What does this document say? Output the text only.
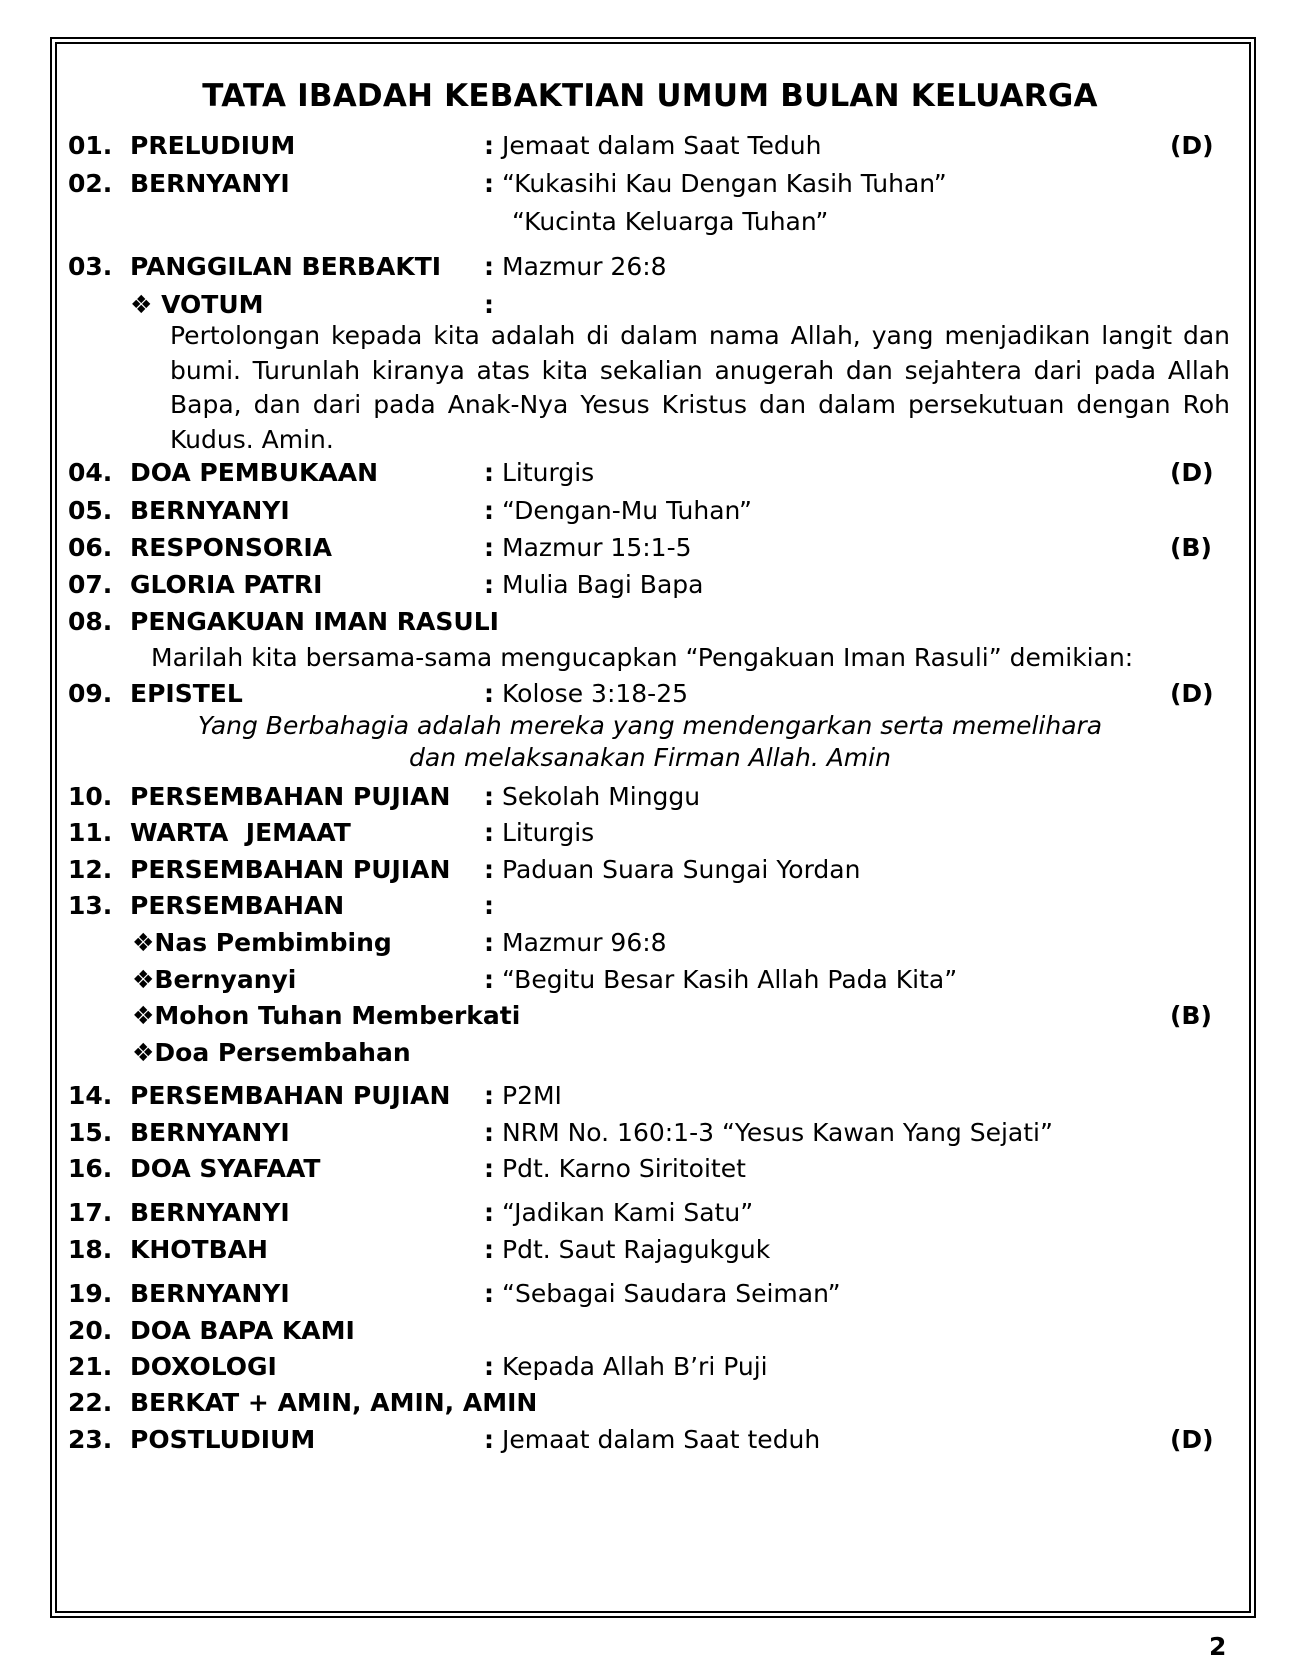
TATA IBADAH KEBAKTIAN UMUM BULAN KELUARGA
01. PRELUDIUM	: Jemaat dalam Saat Teduh	(D)
02. BERNYANYI	: “Kukasihi Kau Dengan Kasih Tuhan”
“Kucinta Keluarga Tuhan”
03. PANGGILAN BERBAKTI : Mazmur 26:8
❖ VOTUM	:
Pertolongan kepada kita adalah di dalam nama Allah, yang menjadikan langit dan bumi. Turunlah kiranya atas kita sekalian anugerah dan sejahtera dari pada Allah Bapa, dan dari pada Anak-Nya Yesus Kristus dan dalam persekutuan dengan Roh Kudus. Amin.
04. DOA PEMBUKAAN	: Liturgis	(D)
05. BERNYANYI	: “Dengan-Mu Tuhan”
06. RESPONSORIA	: Mazmur 15:1-5	(B)
07. GLORIA PATRI	: Mulia Bagi Bapa
08. PENGAKUAN IMAN RASULI
Marilah kita bersama-sama mengucapkan “Pengakuan Iman Rasuli” demikian:
09. EPISTEL	: Kolose 3:18-25	(D)
Yang Berbahagia adalah mereka yang mendengarkan serta memelihara
dan melaksanakan Firman Allah. Amin
10. PERSEMBAHAN PUJIAN : Sekolah Minggu
11. WARTA  JEMAAT	: Liturgis
12. PERSEMBAHAN PUJIAN : Paduan Suara Sungai Yordan
13. PERSEMBAHAN	:
❖Nas Pembimbing	: Mazmur 96:8
❖Bernyanyi	: “Begitu Besar Kasih Allah Pada Kita”
❖Mohon Tuhan Memberkati	(B)
❖Doa Persembahan
14. PERSEMBAHAN PUJIAN : P2MI
15. BERNYANYI	: NRM No. 160:1-3 “Yesus Kawan Yang Sejati”
16. DOA SYAFAAT	: Pdt. Karno Siritoitet
17. BERNYANYI	: “Jadikan Kami Satu”
18. KHOTBAH	: Pdt. Saut Rajagukguk
19. BERNYANYI	: “Sebagai Saudara Seiman”
20. DOA BAPA KAMI
21. DOXOLOGI	: Kepada Allah B’ri Puji
22. BERKAT + AMIN, AMIN, AMIN
23. POSTLUDIUM	: Jemaat dalam Saat teduh	(D)
2
